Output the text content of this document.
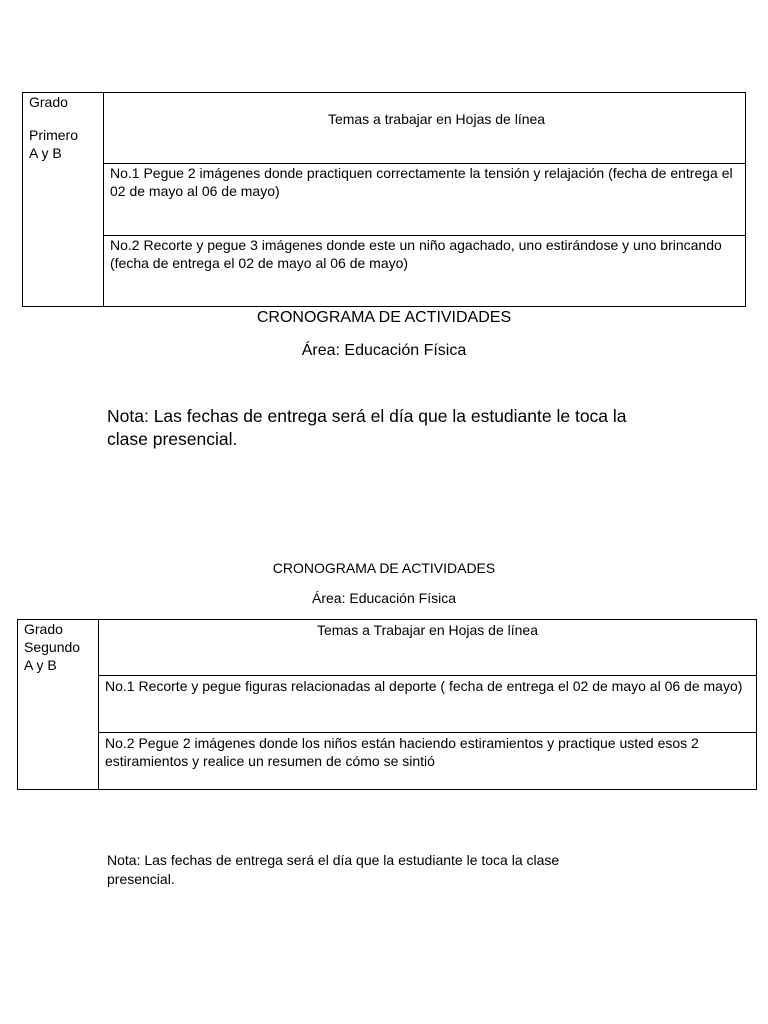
Grado
Primero
A y B

Temas a trabajar en Hojas de línea

No.1 Pegue 2 imágenes donde practiquen correctamente la tensión y relajación (fecha de entrega el 02 de mayo al 06 de mayo)
No.2 Recorte y pegue 3 imágenes donde este un niño agachado, uno estirándose y uno brincando (fecha de entrega el 02 de mayo al 06 de mayo)
CRONOGRAMA DE ACTIVIDADES
Área: Educación Física

Nota: Las fechas de entrega será el día que la estudiante le toca la clase presencial.

CRONOGRAMA DE ACTIVIDADES
Área: Educación Física
Grado
Segundo
A y B

Temas a Trabajar en Hojas de línea

No.1 Recorte y pegue figuras relacionadas al deporte ( fecha de entrega el 02 de mayo al 06 de mayo)
No.2 Pegue 2 imágenes donde los niños están haciendo estiramientos y practique usted esos 2 estiramientos y realice un resumen de cómo se sintió

Nota: Las fechas de entrega será el día que la estudiante le toca la clase presencial.
